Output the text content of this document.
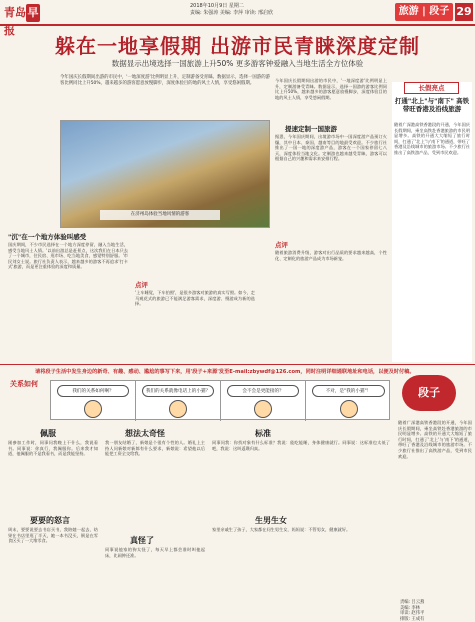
青岛 早报
2018年10月9日 星期二
责编: 朱强涛 美编: 李萍 审读: 邢启欣	旅游 | 段子 29
躲在一地享假期 出游市民青睐深度定制
数据显示出境选择一国旅游上升50% 更多游客钟爱融入当地生活全方位体验
今年国庆长假期间出游的市民中，'一地深度游'比例明显上升，定制游备受青睐。数据显示，选择一国游的游客比例同比上升50%，越来越多的游客愿意放慢脚步，深度体验目的地的风土人情，享受悠闲假期。
在济州岛体验当地风情的游客
"沉"在一个地方体验叫感受
国庆期间，不少市民选择在一个地方深度停留，融入当地生活，感受当地风土人情。'以前出游总是赶景点，这次我们在日本只去了一个城市，住民宿、逛市场、吃当地美食，感觉特别舒服。'市民刘女士说。旅行社负责人表示，越来越多的游客不再追求'打卡式'旅游，而是更注重体验的深度和质量。
点评
'上车睡觉，下车拍照'，是很多游客对旅游的真实写照。如今，走马观花式的旅游已不能满足游客需求，深度游、慢游成为新的选择。
今年国庆长假期间出游的市民中，'一地深度游'比例明显上升，定制游备受青睐。数据显示，选择一国游的游客比例同比上升50%，越来越多的游客愿意放慢脚步，深度体验目的地的风土人情，享受悠闲假期。
提速定制一国旅游
据悉，今年国庆期间，出境游市场中一国深度游产品预订火爆，其中日本、泰国、越南等目的地最受欢迎。不少旅行社推出了一国一地的深度游产品，游客在一个国家停留七八天，深度体验当地文化。定制游也越来越受青睐，游客可以根据自己的兴趣和需求来安排行程。
点评
随着旅游消费升级，游客对出行品质的要求越来越高，个性化、定制化的旅游产品成为市场新宠。
长假亮点
打通"北上"与"南下" 高铁带旺香港及沿线旅游
随着广深港高铁香港段的开通，今年国庆长假期间，乘坐高铁赴香港旅游的市民明显增多。高铁的开通大大缩短了旅行时间，打通了'北上'与'南下'的通道，带旺了香港及沿线城市的旅游市场。不少旅行社推出了高铁游产品，受到市民欢迎。
请将段子生活中发生身边的新奇、有趣、感动、尴尬的事写下来，用'段子+来源'发至E-mail:zbywdf@126.com，同时注明详细通联地址和电话，以便及时付稿。
关系如何
我们的关系如何啊？	我们的关系就像电话上的小猫？	会不会是更能接的？	不对，是"我的小猫"！	段子
佩服
刚参加工作时，同事问我晚上干什么，我说看书。同事说：你真行，我佩服你。后来我才知道，他佩服的不是我看书，而是我能坚持。
要要的怒言
周末，要要说要去书店买书，我陪她一起去，结果在书店里逛了半天，她一本书没买，倒是在零食区买了一大堆零食。
想法太奇怪
我一朋友结婚了，新娘是个很有个性的人。婚礼上主持人问新娘对新郎有什么要求，新娘说：希望他以后能把工资全交给我。
真怪了
同事说他家的狗太怪了，每天早上都会准时叫他起床，比闹钟还准。
标准
同事问我：你找对象有什么标准？我说：能吃能睡，身体健康就行。同事说：这标准也太低了吧，我说：这叫返璞归真。
生男生女
家里亲戚生了孩子，大家都在问生男生女，妈妈说：不管男女，健康就好。
随着广深港高铁香港段的开通，今年国庆长假期间，乘坐高铁赴香港旅游的市民明显增多。高铁的开通大大缩短了旅行时间，打通了'北上'与'南下'的通道，带旺了香港及沿线城市的旅游市场。不少旅行社推出了高铁游产品，受到市民欢迎。
责编: 吕云燕
美编: 李林
审读: 赵伟平
排版: 王成有
